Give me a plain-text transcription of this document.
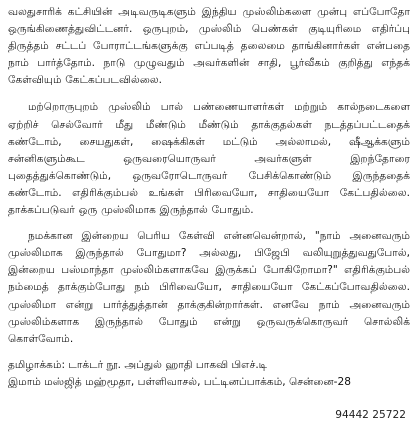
வலதுசாரிக் கட்சியின் அடிவருடிகளும் இந்திய முஸ்லிம்களை முன்பு எப்போதோ ஒருங்கிணைத்துவிட்டனர். ஒருபுறம், முஸ்லிம் பெண்கள் குடியுரிமை எதிர்ப்பு திருத்தம் சட்டப் போராட்டங்களுக்கு எப்படித் தலைமை தாங்கினார்கள் என்பதை நாம் பார்த்தோம். நாடு முழுவதும் அவர்களின் சாதி, பூர்வீகம் குறித்து எந்தக் கேள்வியும் கேட்கப்படவில்லை.

மற்றொருபுறம் முஸ்லிம் பால் பண்ணையாளர்கள் மற்றும் கால்நடைகளை ஏற்றிச் செல்வோர் மீது மீண்டும் மீண்டும் தாக்குதல்கள் நடத்தப்பட்டதைக் கண்டோம், சையதுகள், ஷைக்கிகள் மட்டும் அல்லாமல், ஷீஆக்களும் சன்னிகளும்கூட ஒருவரையொருவர் அவர்களுள் இறந்தோரை புதைத்துக்கொண்டும், ஒருவரோடொருவர் பேசிக்கொண்டும் இருந்ததைக் கண்டோம். எதிரிக்கும்பல் உங்கள் பிரிவையோ, சாதியையோ கேட்பதில்லை. தாக்கப்படுவர் ஒரு முஸ்லிமாக இருந்தால் போதும்.

நமக்கான இன்றைய பெரிய கேள்வி என்னவென்றால், "நாம் அனைவரும் முஸ்லிமாக இருந்தால் போதுமா? அல்லது, பிஜேபி வலியுறுத்துவதுபோல், இன்றைய பஸ்மாந்தா முஸ்லிம்களாகவே இருக்கப் போகிறோமா?" எதிரிக்கும்பல் நம்மைத் தாக்கும்போது நம் பிரிவையோ, சாதியையோ கேட்கப்போவதில்லை. முஸ்லிமா என்று பார்த்துத்தான் தாக்குகின்றார்கள். எனவே நாம் அனைவரும் முஸ்லிம்களாக இருந்தால் போதும் என்று ஒருவருக்கொருவர் சொல்லிக் கொள்வோம்.

தமிழாக்கம்: டாக்டர் நூ. அப்துல் ஹாதி பாகவி பிஎச்.டி
இமாம் மஸ்ஜித் மஹ்மூதா, பள்ளிவாசல், பட்டினப்பாக்கம், சென்னை-28
94442 25722
